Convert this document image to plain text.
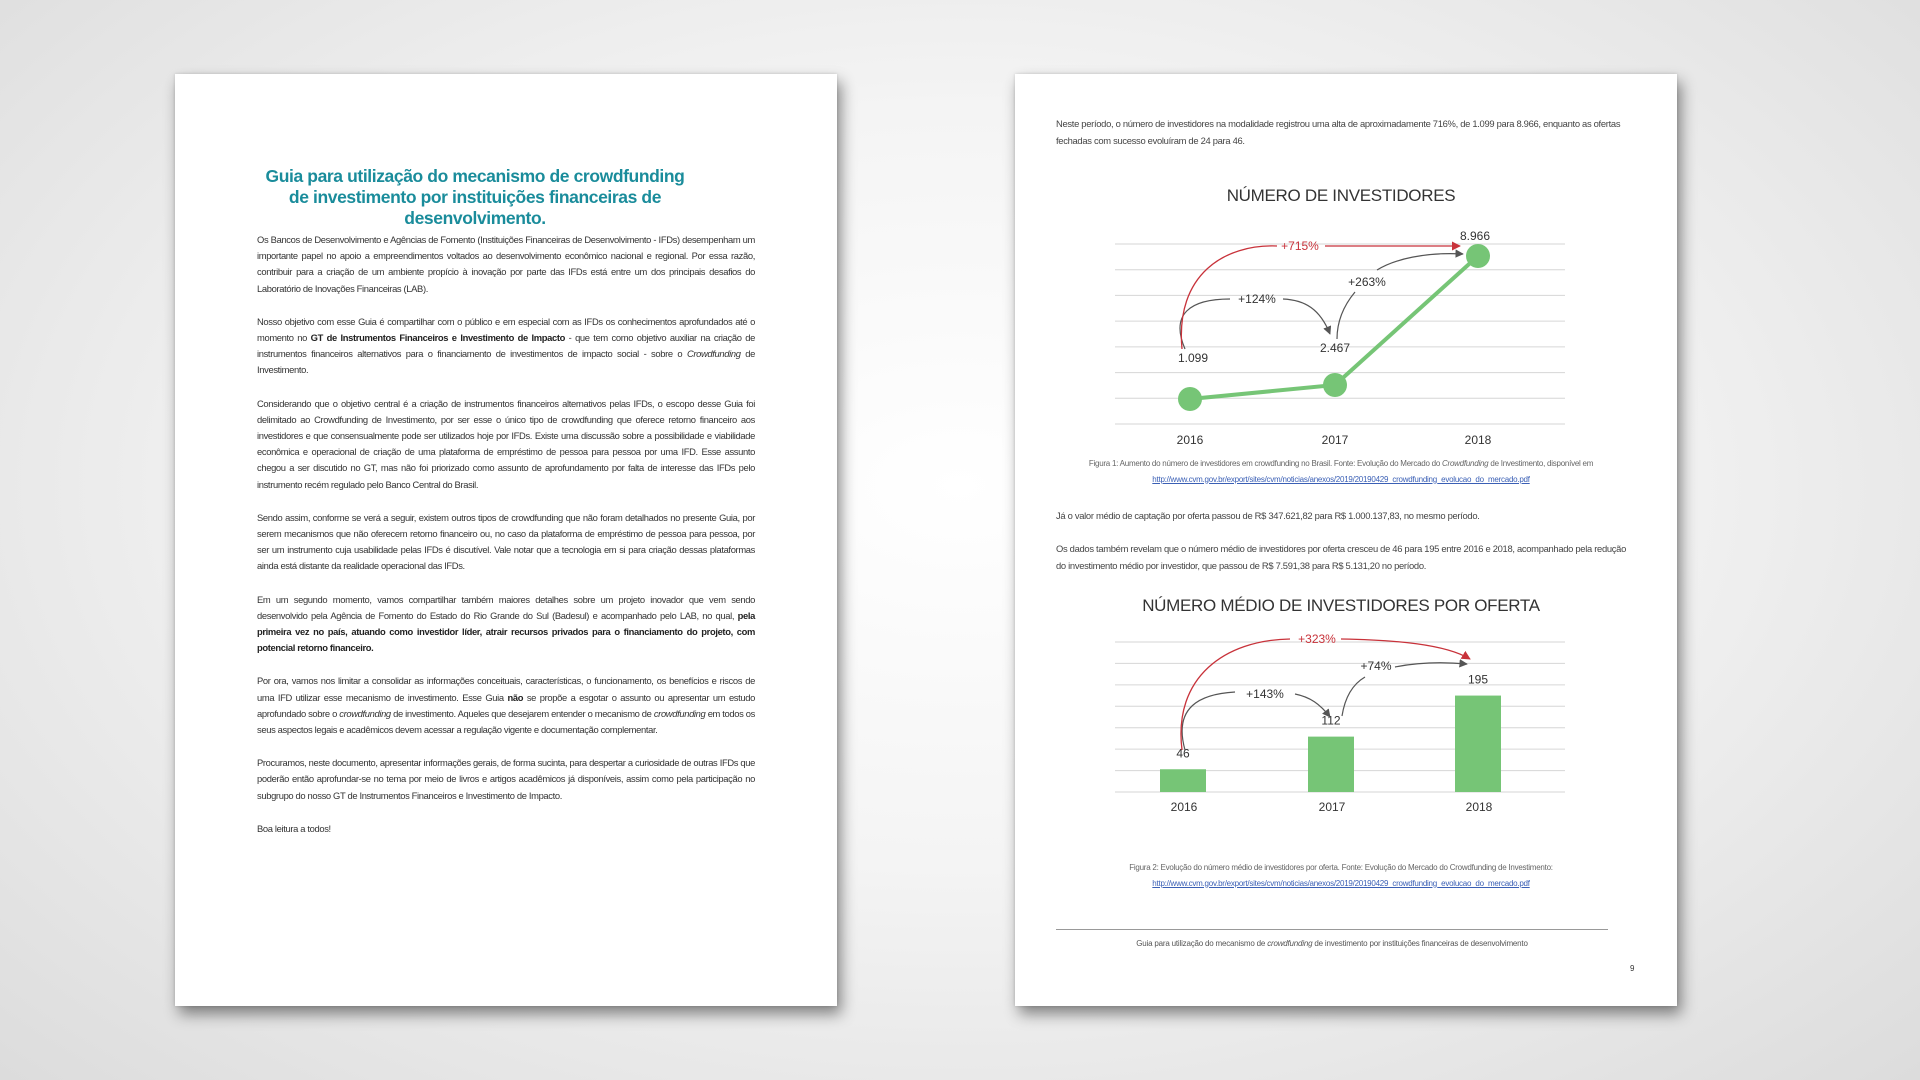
Guia para utilização do mecanismo de crowdfunding de investimento por instituições financeiras de desenvolvimento.

Os Bancos de Desenvolvimento e Agências de Fomento (Instituições Financeiras de Desenvolvimento - IFDs) desempenham um importante papel no apoio a empreendimentos voltados ao desenvolvimento econômico nacional e regional. Por essa razão, contribuir para a criação de um ambiente propício à inovação por parte das IFDs está entre um dos principais desafios do Laboratório de Inovações Financeiras (LAB).

Nosso objetivo com esse Guia é compartilhar com o público e em especial com as IFDs os conhecimentos aprofundados até o momento no GT de Instrumentos Financeiros e Investimento de Impacto - que tem como objetivo auxiliar na criação de instrumentos financeiros alternativos para o financiamento de investimentos de impacto social - sobre o Crowdfunding de Investimento.

Considerando que o objetivo central é a criação de instrumentos financeiros alternativos pelas IFDs, o escopo desse Guia foi delimitado ao Crowdfunding de Investimento, por ser esse o único tipo de crowdfunding que oferece retorno financeiro aos investidores e que consensualmente pode ser utilizados hoje por IFDs. Existe uma discussão sobre a possibilidade e viabilidade econômica e operacional de criação de uma plataforma de empréstimo de pessoa para pessoa por uma IFD. Esse assunto chegou a ser discutido no GT, mas não foi priorizado como assunto de aprofundamento por falta de interesse das IFDs pelo instrumento recém regulado pelo Banco Central do Brasil.

Sendo assim, conforme se verá a seguir, existem outros tipos de crowdfunding que não foram detalhados no presente Guia, por serem mecanismos que não oferecem retorno financeiro ou, no caso da plataforma de empréstimo de pessoa para pessoa, por ser um instrumento cuja usabilidade pelas IFDs é discutível. Vale notar que a tecnologia em si para criação dessas plataformas ainda está distante da realidade operacional das IFDs.

Em um segundo momento, vamos compartilhar também maiores detalhes sobre um projeto inovador que vem sendo desenvolvido pela Agência de Fomento do Estado do Rio Grande do Sul (Badesul) e acompanhado pelo LAB, no qual, pela primeira vez no país, atuando como investidor líder, atrair recursos privados para o financiamento do projeto, com potencial retorno financeiro.

Por ora, vamos nos limitar a consolidar as informações conceituais, características, o funcionamento, os benefícios e riscos de uma IFD utilizar esse mecanismo de investimento. Esse Guia não se propõe a esgotar o assunto ou apresentar um estudo aprofundado sobre o crowdfunding de investimento. Aqueles que desejarem entender o mecanismo de crowdfunding em todos os seus aspectos legais e acadêmicos devem acessar a regulação vigente e documentação complementar.

Procuramos, neste documento, apresentar informações gerais, de forma sucinta, para despertar a curiosidade de outras IFDs que poderão então aprofundar-se no tema por meio de livros e artigos acadêmicos já disponíveis, assim como pela participação no subgrupo do nosso GT de Instrumentos Financeiros e Investimento de Impacto.

Boa leitura a todos!

Neste período, o número de investidores na modalidade registrou uma alta de aproximadamente 716%, de 1.099 para 8.966, enquanto as ofertas fechadas com sucesso evoluíram de 24 para 46.
NÚMERO DE INVESTIDORES
2016	2017	2018
1.099
2.467
8.966
+124%
+263%
+715%
Figura 1: Aumento do número de investidores em crowdfunding no Brasil. Fonte: Evolução do Mercado do Crowdfunding de Investimento, disponível em
http://www.cvm.gov.br/export/sites/cvm/noticias/anexos/2019/20190429_crowdfunding_evolucao_do_mercado.pdf
Já o valor médio de captação por oferta passou de R$ 347.621,82 para R$ 1.000.137,83, no mesmo período.
Os dados também revelam que o número médio de investidores por oferta cresceu de 46 para 195 entre 2016 e 2018, acompanhado pela redução do investimento médio por investidor, que passou de R$ 7.591,38 para R$ 5.131,20 no período.
NÚMERO MÉDIO DE INVESTIDORES POR OFERTA
46
2016
112
2017
195
2018
+143%
+74%
+323%
Figura 2: Evolução do número médio de investidores por oferta. Fonte: Evolução do Mercado do Crowdfunding de Investimento:
http://www.cvm.gov.br/export/sites/cvm/noticias/anexos/2019/20190429_crowdfunding_evolucao_do_mercado.pdf
Guia para utilização do mecanismo de crowdfunding de investimento por instituições financeiras de desenvolvimento
9
